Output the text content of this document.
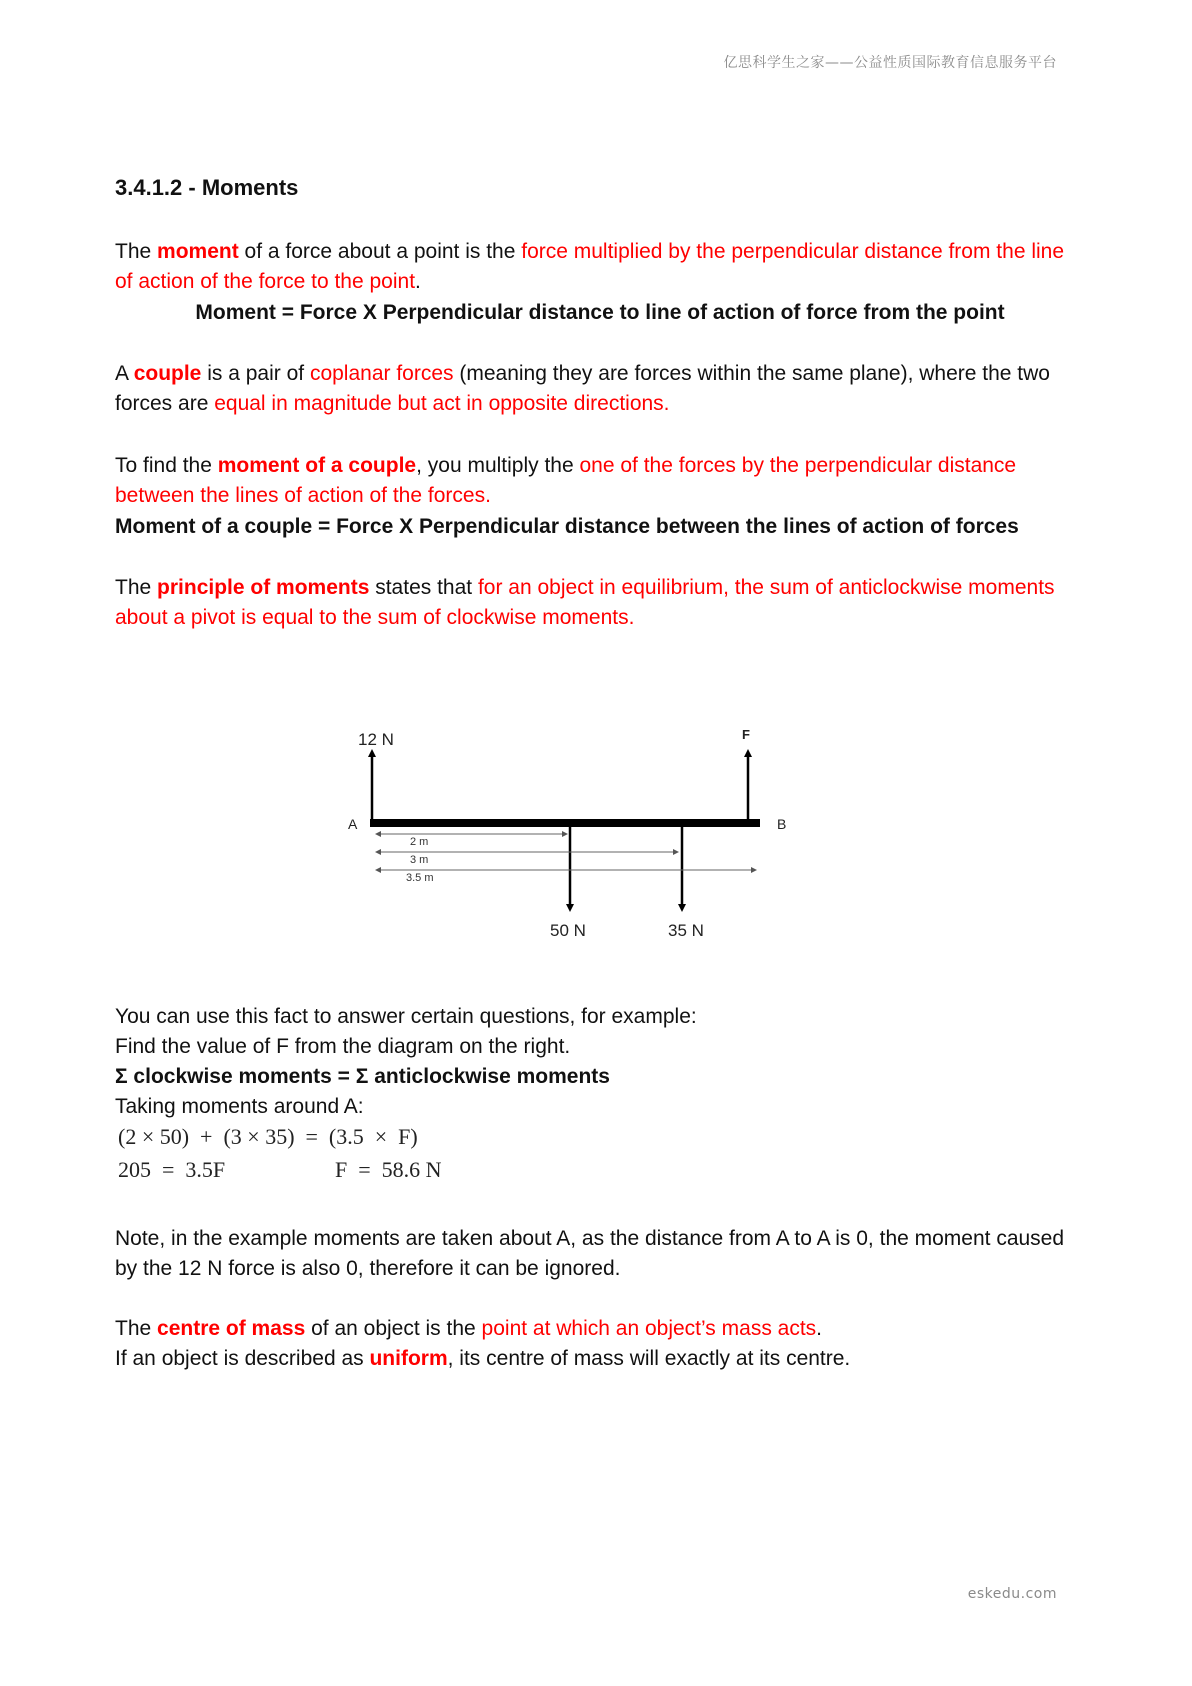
亿思科学生之家——公益性质国际教育信息服务平台
3.4.1.2 - Moments
The moment of a force about a point is the force multiplied by the perpendicular distance from the line of action of the force to the point.
Moment = Force X Perpendicular distance to line of action of force from the point
A couple is a pair of coplanar forces (meaning they are forces within the same plane), where the two forces are equal in magnitude but act in opposite directions.
To find the moment of a couple, you multiply the one of the forces by the perpendicular distance between the lines of action of the forces.
Moment of a couple = Force X Perpendicular distance between the lines of action of forces
The principle of moments states that for an object in equilibrium, the sum of anticlockwise moments about a pivot is equal to the sum of clockwise moments.
You can use this fact to answer certain questions, for example:
Find the value of F from the diagram on the right.
Σ clockwise moments = Σ anticlockwise moments
Taking moments around A:
(2 × 50)  +  (3 × 35)  =  (3.5  ×  F)
205  =  3.5F	F  =  58.6 N
Note, in the example moments are taken about A, as the distance from A to A is 0, the moment caused by the 12 N force is also 0, therefore it can be ignored.
The centre of mass of an object is the point at which an object’s mass acts.
If an object is described as uniform, its centre of mass will exactly at its centre.
12 N	F
A	B
2 m
3 m
3.5 m
50 N	35 N
eskedu.com
